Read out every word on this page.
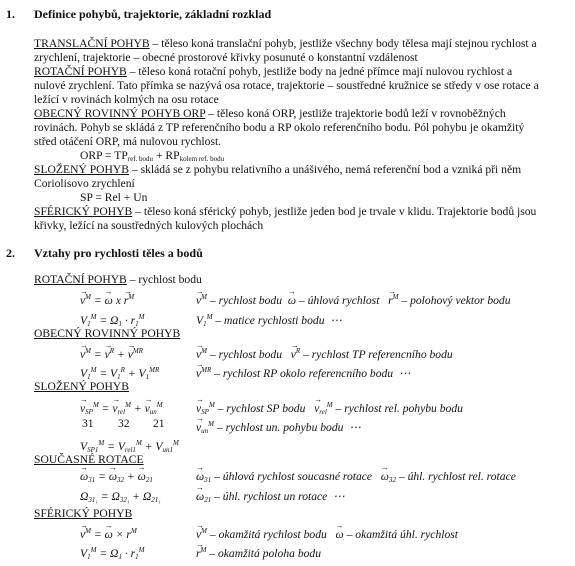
1. Definice pohybů, trajektorie, základní rozklad
TRANSLAČNÍ POHYB – těleso koná translační pohyb, jestliže všechny body tělesa mají stejnou rychlost a
zrychlení, trajektorie – obecné prostorové křivky posunuté o konstantní vzdálenost
ROTAČNÍ POHYB – těleso koná rotační pohyb, jestliže body na jedné přímce mají nulovou rychlost a
nulové zrychlení. Tato přímka se nazývá osa rotace, trajektorie – soustředné kružnice se středy v ose rotace a
ležící v rovinách kolmých na osu rotace
OBECNÝ ROVINNÝ POHYB ORP – těleso koná ORP, jestliže trajektorie bodů leží v rovnoběžných
rovinách. Pohyb se skládá z TP referenčního bodu a RP okolo referenčního bodu. Pól pohybu je okamžitý
střed otáčení ORP, má nulovou rychlost.
ORP = $TP_{ref. bodu} + RP_{kolem ref. bodu}$
SLOŽENÝ POHYB – skládá se z pohybu relativního a unášivého, nemá referenční bod a vzniká při něm
Coriolisovo zrychlení
SP = Rel + Un
SFÉRICKÝ POHYB – těleso koná sférický pohyb, jestliže jeden bod je trvale v klidu. Trajektorie bodů jsou
křivky, ležící na soustředných kulových plochách
2. Vztahy pro rychlosti těles a bodů
ROTAČNÍ POHYB – rychlost bodu
→ $v^M$ = → ω $x \to r^M$	→ $v^M$ – rychlost bodu → ω – úhlová rychlost → $r^M$ – polohový vektor bodu
$V_1^M = \Omega_1 \cdot r_1^M$	$V_1^M$ – matice rychlosti bodu ⋯
OBECNÝ ROVINNÝ POHYB
→ $v^M$ = → $v^R$ + → $v^{MR}$	→ $v^M$ – rychlost bodu → $v^R$ – rychlost TP referencního bodu
$V_1^M = V_1^R + V_1^{MR}$	→ $v^{MR}$ – rychlost RP okolo referencního bodu ⋯
SLOŽENÝ POHYB
→ $v_{SP}^M$ = → $v_{rel}^M$ + → $v_{un}^M$	→ $v_{SP}^M$ – rychlost SP bodu → $v_{rel}^M$ – rychlost rel. pohybu bodu
31 32 21	→ $v_{un}^M$ – rychlost un. pohybu bodu ⋯
$V_{SP1}^M = V_{rel1}^M + V_{un1}^M$
SOUČASNÉ ROTACE
→ $\omega_{31}$ = → $\omega_{32}$ + → $\omega_{21}$	→ $\omega_{31}$ – úhlová rychlost soucasné rotace → $\omega_{32}$ – úhl. rychlost rel. rotace
$\Omega_{31_1} = \Omega_{32_1} + \Omega_{21_1}$	→ $\omega_{21}$ – úhl. rychlost un rotace ⋯
SFÉRICKÝ POHYB
→ $v^M$ = → $\omega \times r^M$	→ $v^M$ – okamžitá rychlost bodu → ω – okamžitá úhl. rychlost
$V_1^M = \Omega_1 \cdot r_1^M$	→ $r^M$ – okamžitá poloha bodu
